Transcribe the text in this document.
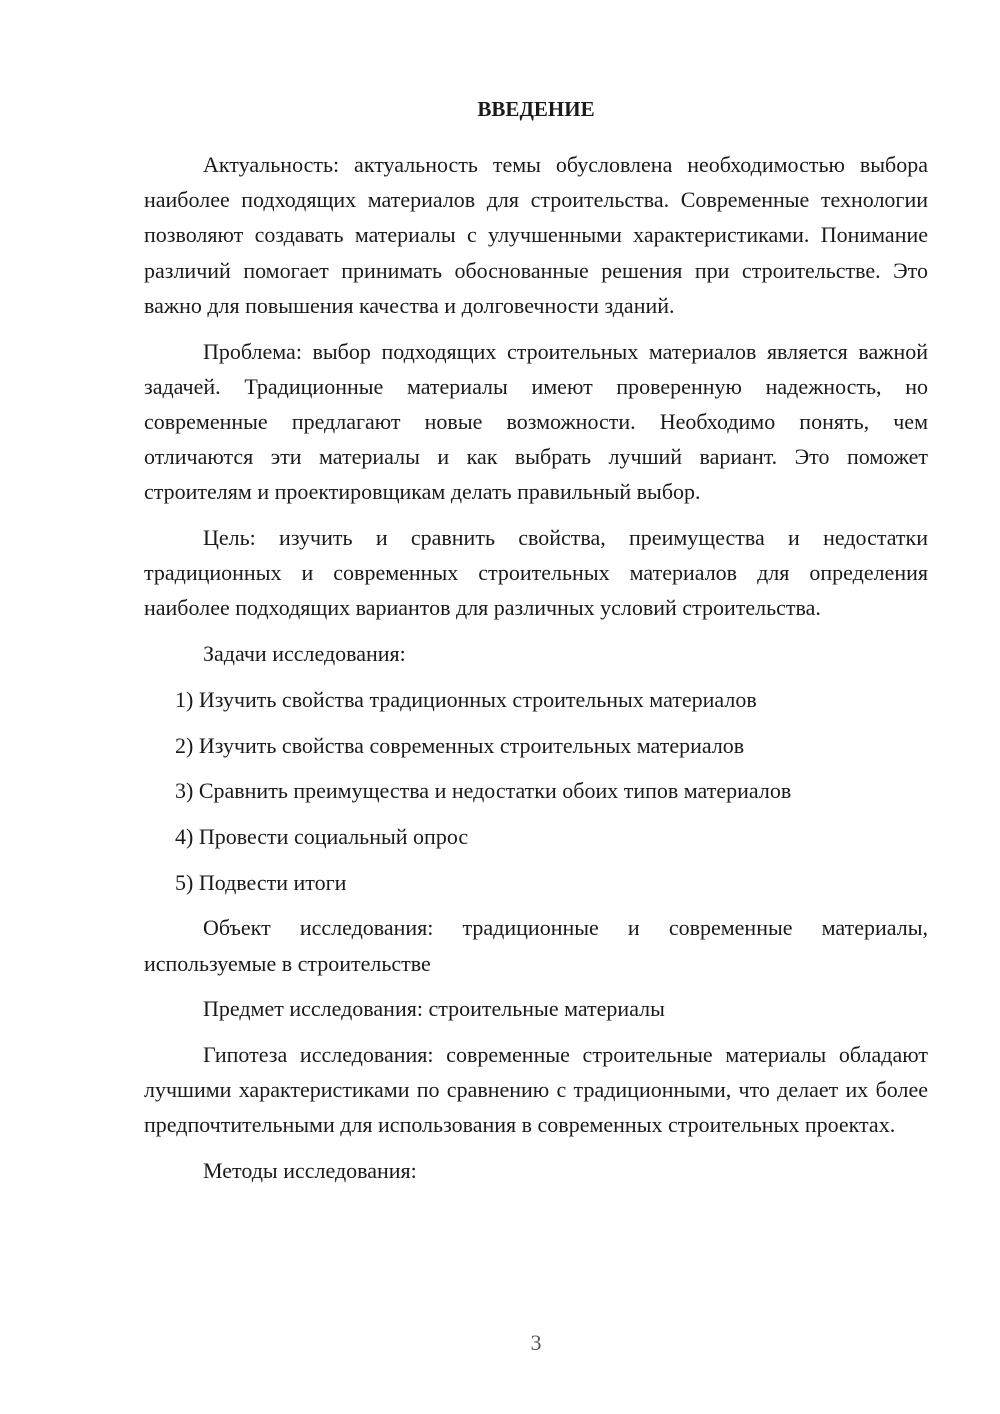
ВВЕДЕНИЕ

Актуальность: актуальность темы обусловлена необходимостью выбора наиболее подходящих материалов для строительства. Современные технологии позволяют создавать материалы с улучшенными характеристиками. Понимание различий помогает принимать обоснованные решения при строительстве. Это важно для повышения качества и долговечности зданий.

Проблема: выбор подходящих строительных материалов является важной задачей. Традиционные материалы имеют проверенную надежность, но современные предлагают новые возможности. Необходимо понять, чем отличаются эти материалы и как выбрать лучший вариант. Это поможет строителям и проектировщикам делать правильный выбор.

Цель: изучить и сравнить свойства, преимущества и недостатки традиционных и современных строительных материалов для определения наиболее подходящих вариантов для различных условий строительства.

Задачи исследования:

1) Изучить свойства традиционных строительных материалов
2) Изучить свойства современных строительных материалов
3) Сравнить преимущества и недостатки обоих типов материалов
4) Провести социальный опрос
5) Подвести итоги

Объект исследования: традиционные и современные материалы, используемые в строительстве

Предмет исследования: строительные материалы

Гипотеза исследования: современные строительные материалы обладают лучшими характеристиками по сравнению с традиционными, что делает их более предпочтительными для использования в современных строительных проектах.

Методы исследования:

3
